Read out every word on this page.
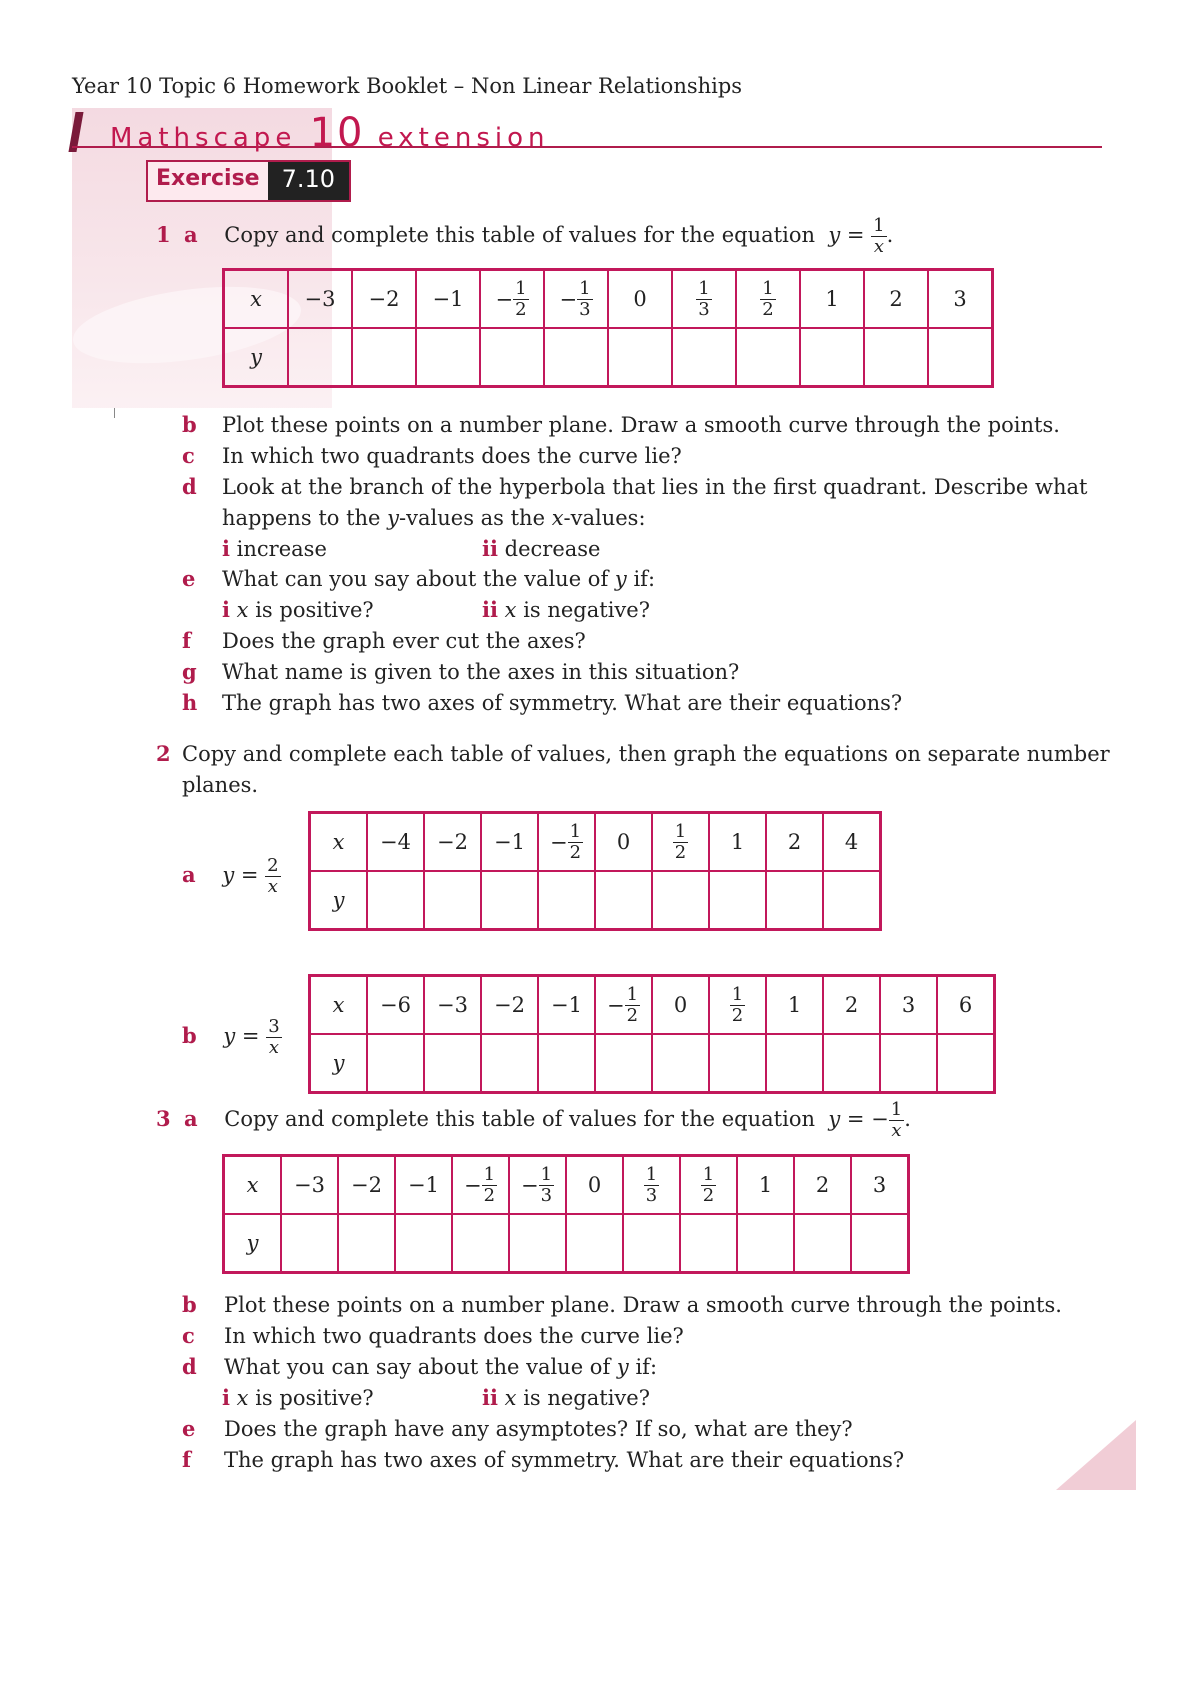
Year 10 Topic 6 Homework Booklet – Non Linear Relationships
Mathscape 10 extension
Exercise 7.10
1 a Copy and complete this table of values for the equation $y = \frac{1}{x}$ .
x	−3	−2	−1	− $\frac{1}{2}$	− $\frac{1}{3}$	0	$\frac{1}{3}$	$\frac{1}{2}$	1	2	3
y											
b Plot these points on a number plane. Draw a smooth curve through the points.
c In which two quadrants does the curve lie?
d Look at the branch of the hyperbola that lies in the first quadrant. Describe what
happens to the y-values as the x-values:
i increase	ii decrease
e What can you say about the value of y if:
i x is positive?	ii x is negative?
f Does the graph ever cut the axes?
g What name is given to the axes in this situation?
h The graph has two axes of symmetry. What are their equations?
2 Copy and complete each table of values, then graph the equations on separate number
planes.
a $y = \frac{2}{x}$
x	−4	−2	−1	− $\frac{1}{2}$	0	$\frac{1}{2}$	1	2	4
y									
b $y = \frac{3}{x}$
x	−6	−3	−2	−1	− $\frac{1}{2}$	0	$\frac{1}{2}$	1	2	3	6
y											
3 a Copy and complete this table of values for the equation y = − $\frac{1}{x}$ .
x	−3	−2	−1	− $\frac{1}{2}$	− $\frac{1}{3}$	0	$\frac{1}{3}$	$\frac{1}{2}$	1	2	3
y											
b Plot these points on a number plane. Draw a smooth curve through the points.
c In which two quadrants does the curve lie?
d What you can say about the value of y if:
i x is positive?	ii x is negative?
e Does the graph have any asymptotes? If so, what are they?
f The graph has two axes of symmetry. What are their equations?
